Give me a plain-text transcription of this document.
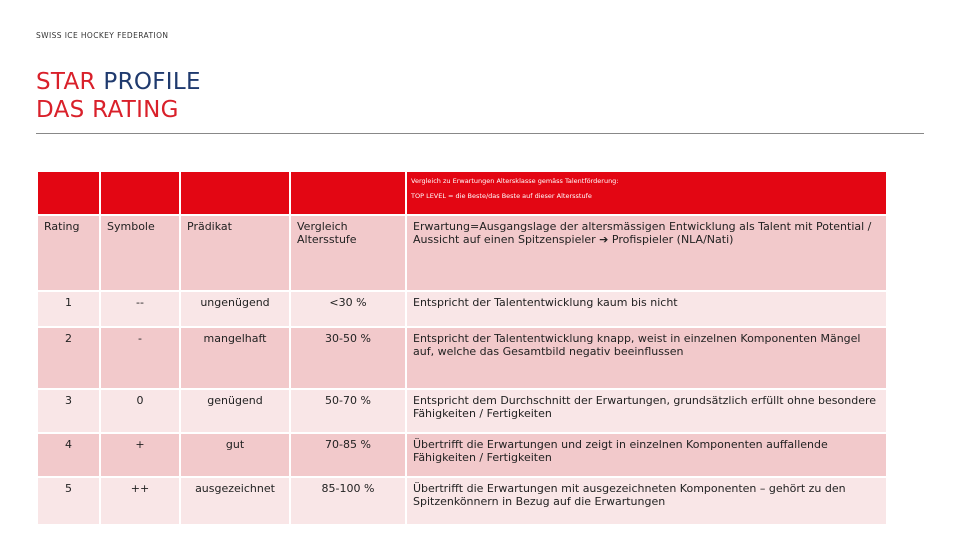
SWISS ICE HOCKEY FEDERATION
STAR PROFILE
DAS RATING

				Vergleich zu Erwartungen Altersklasse gemäss Talentförderung:
TOP LEVEL = die Beste/das Beste auf dieser Altersstufe

Rating	Symbole	Prädikat	Vergleich Altersstufe	Erwartung=Ausgangslage der altersmässigen Entwicklung als Talent mit Potential / Aussicht auf einen Spitzenspieler ➔ Profispieler (NLA/Nati)
1	--	ungenügend	<30 %	Entspricht der Talententwicklung kaum bis nicht
2	-	mangelhaft	30-50 %	Entspricht der Talententwicklung knapp, weist in einzelnen Komponenten Mängel auf, welche das Gesamtbild negativ beeinflussen
3	0	genügend	50-70 %	Entspricht dem Durchschnitt der Erwartungen, grundsätzlich erfüllt ohne besondere Fähigkeiten / Fertigkeiten
4	+	gut	70-85 %	Übertrifft die Erwartungen und zeigt in einzelnen Komponenten auffallende Fähigkeiten / Fertigkeiten
5	++	ausgezeichnet	85-100 %	Übertrifft die Erwartungen mit ausgezeichneten Komponenten – gehört zu den Spitzenkönnern in Bezug auf die Erwartungen
